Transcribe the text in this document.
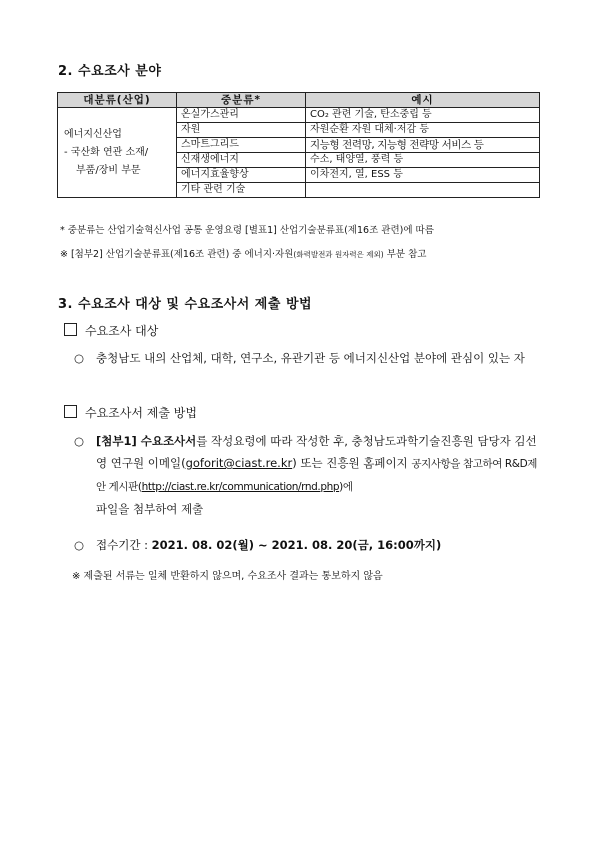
2. 수요조사 분야
대분류(산업)	중분류*	예시

에너지신산업
- 국산화 연관 소재/
부품/장비 부문	온실가스관리	CO₂ 관련 기술, 탄소중립 등
	자원	자원순환 자원 대체·저감 등
	스마트그리드	지능형 전력망, 지능형 전략망 서비스 등
	신재생에너지	수소, 태양열, 풍력 등
	에너지효율향상	이차전지, 열, ESS 등
	기타 관련 기술	
* 중분류는 산업기술혁신사업 공통 운영요령 [별표1] 산업기술분류표(제16조 관련)에 따름
※ [첨부2] 산업기술분류표(제16조 관련) 중 에너지·자원(화력발전과 원자력은 제외) 부분 참고
3. 수요조사 대상 및 수요조사서 제출 방법
수요조사 대상
○ 충청남도 내의 산업체, 대학, 연구소, 유관기관 등 에너지신산업 분야에 관심이 있는 자
수요조사서 제출 방법
○ [첨부1] 수요조사서를 작성요령에 따라 작성한 후, 충청남도과학기술진흥원 담당자 김선영 연구원 이메일(goforit@ciast.re.kr) 또는 진흥원 홈페이지 공지사항을 참고하여 R&D제안 게시판(http://ciast.re.kr/communication/rnd.php)에
파일을 첨부하여 제출
○ 접수기간 : 2021. 08. 02(월) ~ 2021. 08. 20(금, 16:00까지)
※ 제출된 서류는 일체 반환하지 않으며, 수요조사 결과는 통보하지 않음
